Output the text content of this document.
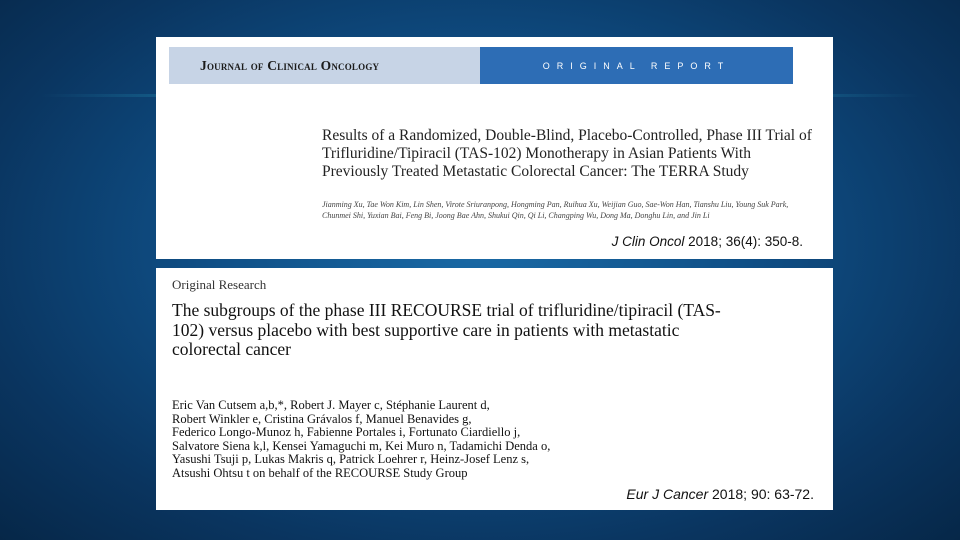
Journal of Clinical Oncology	ORIGINAL REPORT
Results of a Randomized, Double-Blind, Placebo-Controlled, Phase III Trial of Trifluridine/Tipiracil (TAS-102) Monotherapy in Asian Patients With Previously Treated Metastatic Colorectal Cancer: The TERRA Study
Jianming Xu, Tae Won Kim, Lin Shen, Virote Sriuranpong, Hongming Pan, Ruihua Xu, Weijian Guo, Sae-Won Han, Tianshu Liu, Young Suk Park, Chunmei Shi, Yuxian Bai, Feng Bi, Joong Bae Ahn, Shukui Qin, Qi Li, Changping Wu, Dong Ma, Donghu Lin, and Jin Li
J Clin Oncol 2018; 36(4): 350-8.
Original Research
The subgroups of the phase III RECOURSE trial of trifluridine/tipiracil (TAS-102) versus placebo with best supportive care in patients with metastatic colorectal cancer
Eric Van Cutsem a,b,*, Robert J. Mayer c, Stéphanie Laurent d,
Robert Winkler e, Cristina Grávalos f, Manuel Benavides g,
Federico Longo-Munoz h, Fabienne Portales i, Fortunato Ciardiello j,
Salvatore Siena k,l, Kensei Yamaguchi m, Kei Muro n, Tadamichi Denda o,
Yasushi Tsuji p, Lukas Makris q, Patrick Loehrer r, Heinz-Josef Lenz s,
Atsushi Ohtsu t on behalf of the RECOURSE Study Group
Eur J Cancer 2018; 90: 63-72.
